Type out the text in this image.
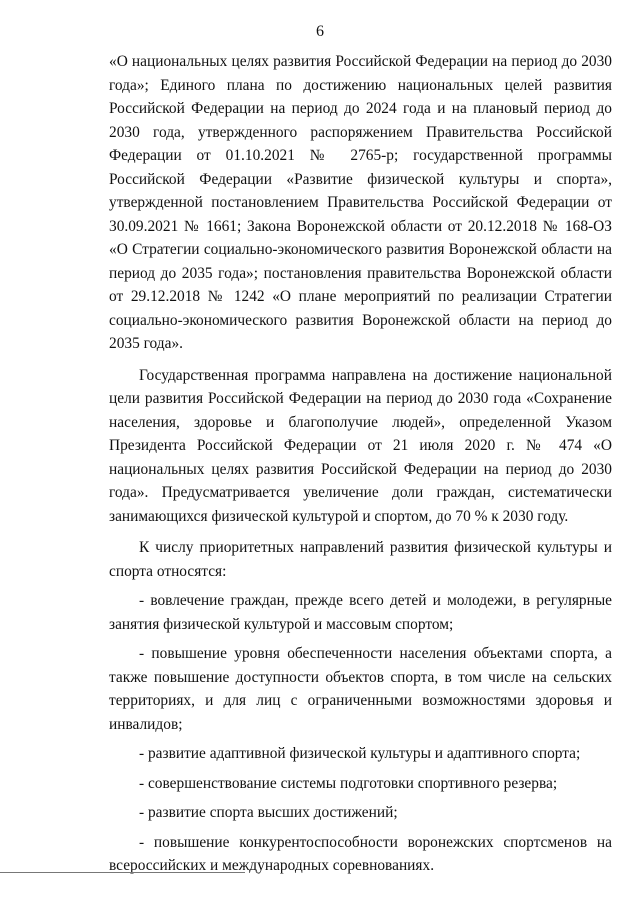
6

«О национальных целях развития Российской Федерации на период до 2030 года»; Единого плана по достижению национальных целей развития Российской Федерации на период до 2024 года и на плановый период до 2030 года, утвержденного распоряжением Правительства Российской Федерации от 01.10.2021 № 2765-р; государственной программы Российской Федерации «Развитие физической культуры и спорта», утвержденной постановлением Правительства Российской Федерации от 30.09.2021 № 1661; Закона Воронежской области от 20.12.2018 № 168-ОЗ «О Стратегии социально-экономического развития Воронежской области на период до 2035 года»; постановления правительства Воронежской области от 29.12.2018 № 1242 «О плане мероприятий по реализации Стратегии социально-экономического развития Воронежской области на период до 2035 года».

Государственная программа направлена на достижение национальной цели развития Российской Федерации на период до 2030 года «Сохранение населения, здоровье и благополучие людей», определенной Указом Президента Российской Федерации от 21 июля 2020 г. № 474 «О национальных целях развития Российской Федерации на период до 2030 года». Предусматривается увеличение доли граждан, систематически занимающихся физической культурой и спортом, до 70 % к 2030 году.

К числу приоритетных направлений развития физической культуры и спорта относятся:

- вовлечение граждан, прежде всего детей и молодежи, в регулярные занятия физической культурой и массовым спортом;
- повышение уровня обеспеченности населения объектами спорта, а также повышение доступности объектов спорта, в том числе на сельских территориях, и для лиц с ограниченными возможностями здоровья и инвалидов;
- развитие адаптивной физической культуры и адаптивного спорта;
- совершенствование системы подготовки спортивного резерва;
- развитие спорта высших достижений;
- повышение конкурентоспособности воронежских спортсменов на всероссийских и международных соревнованиях.
